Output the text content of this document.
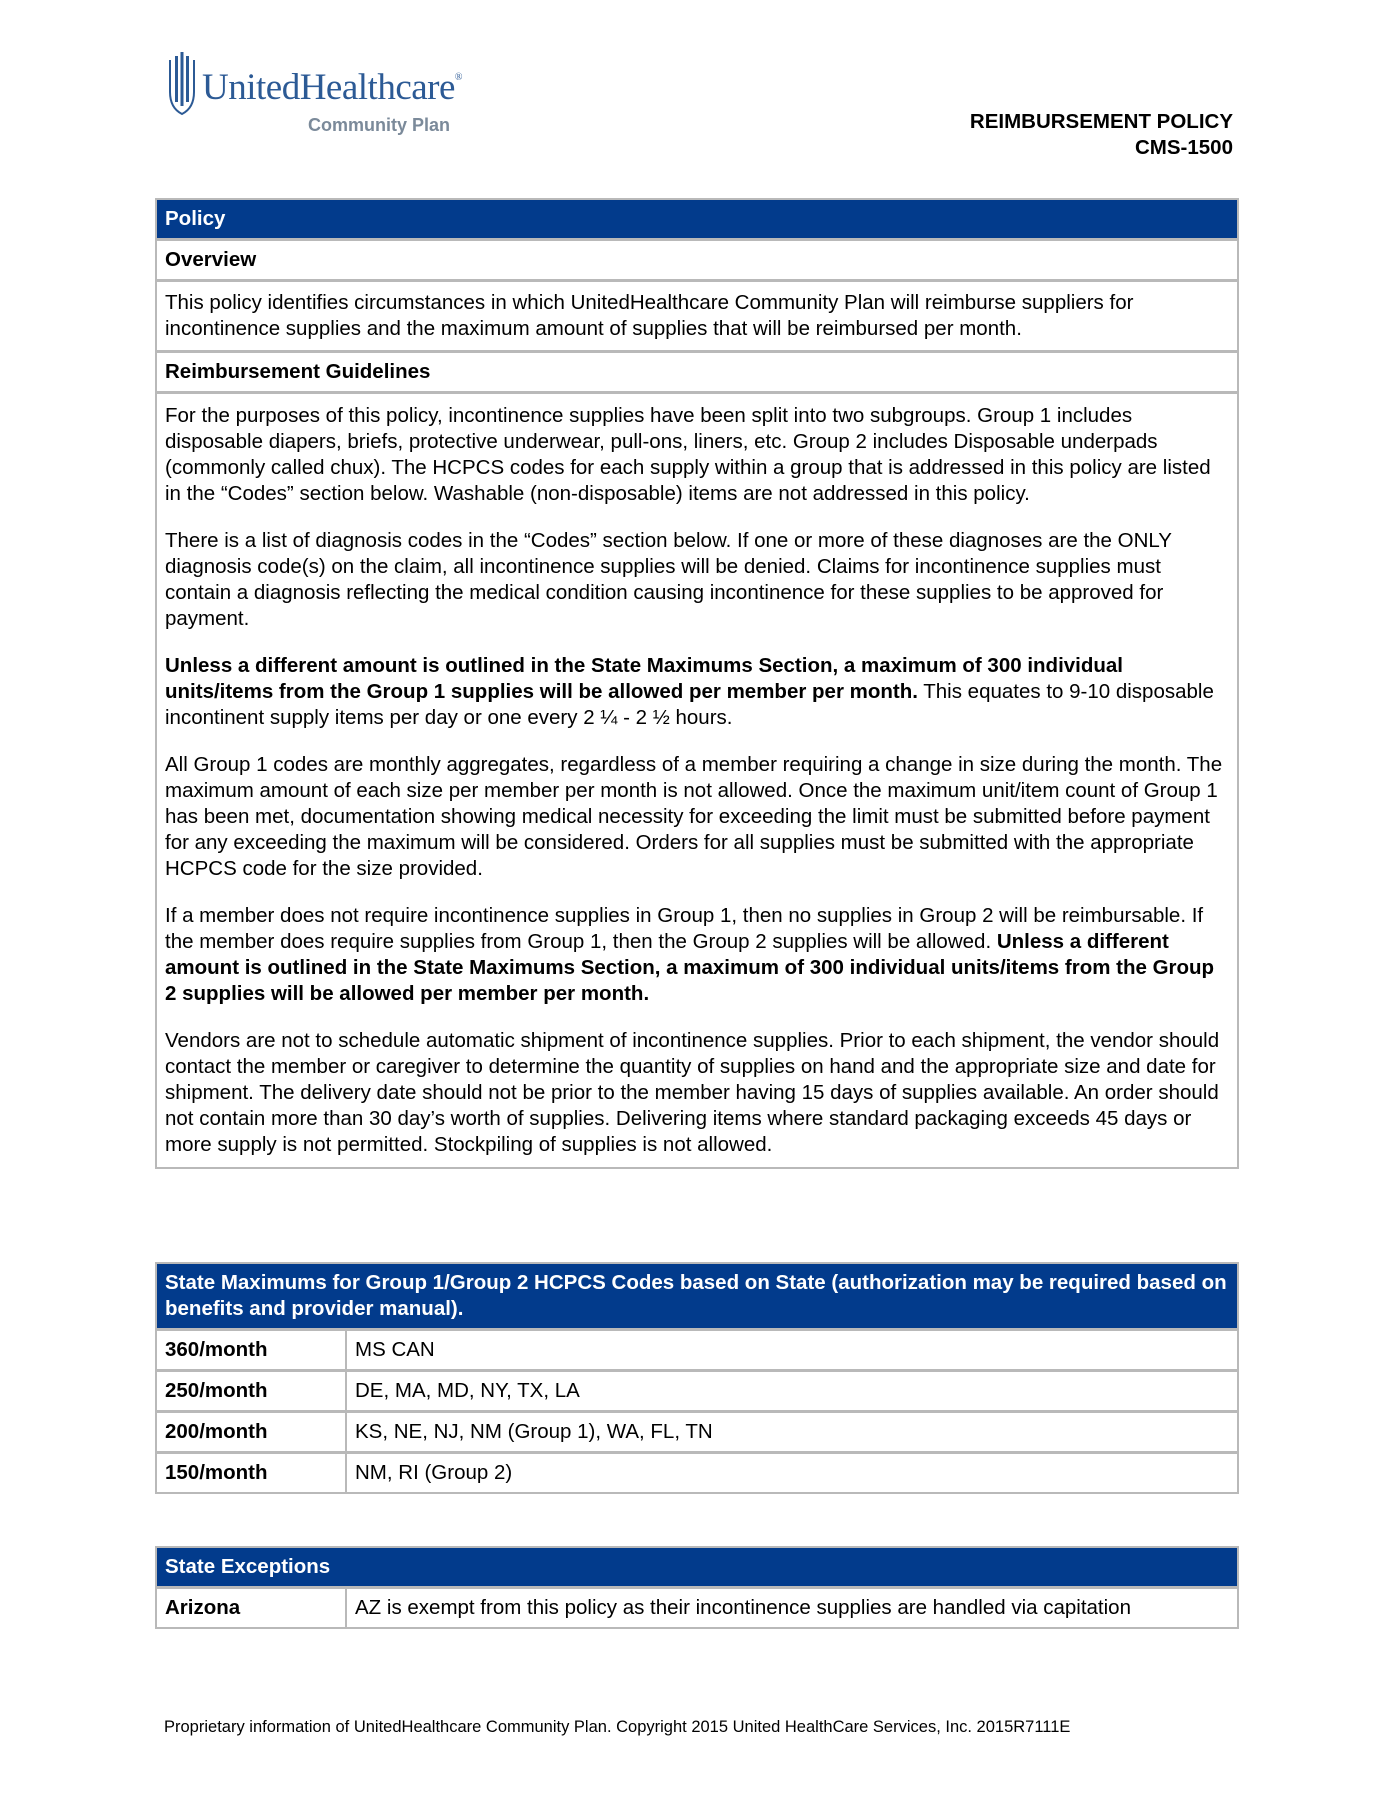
UnitedHealthcare®
Community Plan	REIMBURSEMENT POLICY
CMS-1500
Policy
Overview
This policy identifies circumstances in which UnitedHealthcare Community Plan will reimburse suppliers for incontinence supplies and the maximum amount of supplies that will be reimbursed per month.
Reimbursement Guidelines

For the purposes of this policy, incontinence supplies have been split into two subgroups. Group 1 includes disposable diapers, briefs, protective underwear, pull-ons, liners, etc. Group 2 includes Disposable underpads (commonly called chux). The HCPCS codes for each supply within a group that is addressed in this policy are listed in the “Codes” section below. Washable (non-disposable) items are not addressed in this policy.

There is a list of diagnosis codes in the “Codes” section below. If one or more of these diagnoses are the ONLY diagnosis code(s) on the claim, all incontinence supplies will be denied. Claims for incontinence supplies must contain a diagnosis reflecting the medical condition causing incontinence for these supplies to be approved for payment.

Unless a different amount is outlined in the State Maximums Section, a maximum of 300 individual units/items from the Group 1 supplies will be allowed per member per month. This equates to 9-10 disposable incontinent supply items per day or one every 2 ¼ - 2 ½ hours.

All Group 1 codes are monthly aggregates, regardless of a member requiring a change in size during the month. The maximum amount of each size per member per month is not allowed. Once the maximum unit/item count of Group 1 has been met, documentation showing medical necessity for exceeding the limit must be submitted before payment for any exceeding the maximum will be considered. Orders for all supplies must be submitted with the appropriate HCPCS code for the size provided.

If a member does not require incontinence supplies in Group 1, then no supplies in Group 2 will be reimbursable. If the member does require supplies from Group 1, then the Group 2 supplies will be allowed. Unless a different amount is outlined in the State Maximums Section, a maximum of 300 individual units/items from the Group 2 supplies will be allowed per member per month.

Vendors are not to schedule automatic shipment of incontinence supplies. Prior to each shipment, the vendor should contact the member or caregiver to determine the quantity of supplies on hand and the appropriate size and date for shipment. The delivery date should not be prior to the member having 15 days of supplies available. An order should not contain more than 30 day’s worth of supplies. Delivering items where standard packaging exceeds 45 days or more supply is not permitted. Stockpiling of supplies is not allowed.

State Maximums for Group 1/Group 2 HCPCS Codes based on State (authorization may be required based on benefits and provider manual).
360/month	MS CAN
250/month	DE, MA, MD, NY, TX, LA
200/month	KS, NE, NJ, NM (Group 1), WA, FL, TN
150/month	NM, RI (Group 2)
State Exceptions
Arizona	AZ is exempt from this policy as their incontinence supplies are handled via capitation
Proprietary information of UnitedHealthcare Community Plan. Copyright 2015 United HealthCare Services, Inc. 2015R7111E
